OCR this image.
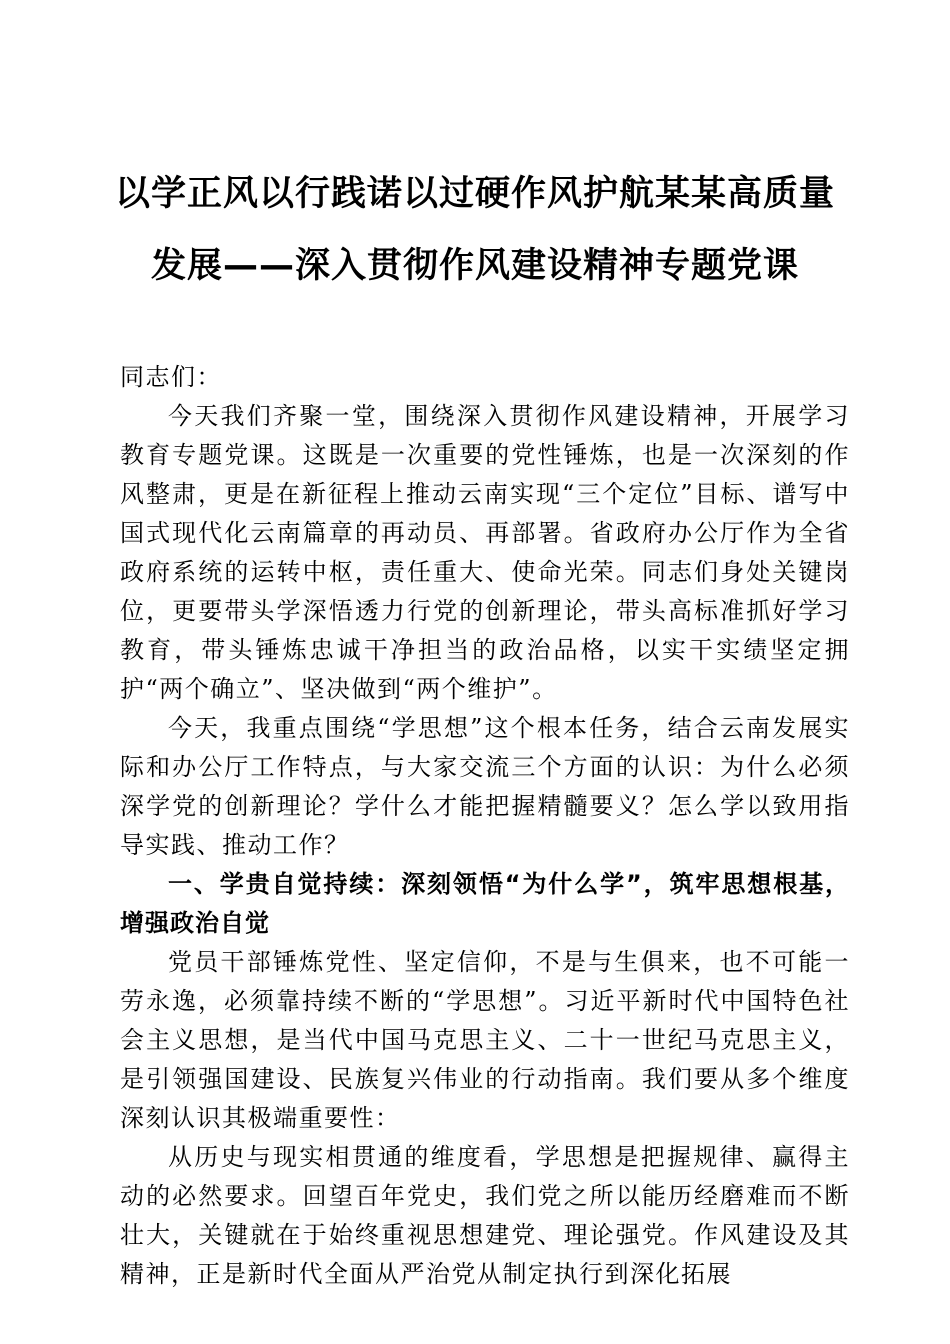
以学正风以行践诺以过硬作风护航某某高质量
发展——深入贯彻作风建设精神专题党课

同志们：

今天我们齐聚一堂，围绕深入贯彻作风建设精神，开展学习教育专题党课。这既是一次重要的党性锤炼，也是一次深刻的作风整肃，更是在新征程上推动云南实现“三个定位”目标、谱写中国式现代化云南篇章的再动员、再部署。省政府办公厅作为全省政府系统的运转中枢，责任重大、使命光荣。同志们身处关键岗位，更要带头学深悟透力行党的创新理论，带头高标准抓好学习教育，带头锤炼忠诚干净担当的政治品格，以实干实绩坚定拥护“两个确立”、坚决做到“两个维护”。

今天，我重点围绕“学思想”这个根本任务，结合云南发展实际和办公厅工作特点，与大家交流三个方面的认识：为什么必须深学党的创新理论？学什么才能把握精髓要义？怎么学以致用指导实践、推动工作？

一、学贵自觉持续：深刻领悟“为什么学”，筑牢思想根基，增强政治自觉

党员干部锤炼党性、坚定信仰，不是与生俱来，也不可能一劳永逸，必须靠持续不断的“学思想”。习近平新时代中国特色社会主义思想，是当代中国马克思主义、二十一世纪马克思主义，是引领强国建设、民族复兴伟业的行动指南。我们要从多个维度深刻认识其极端重要性：

从历史与现实相贯通的维度看，学思想是把握规律、赢得主动的必然要求。回望百年党史，我们党之所以能历经磨难而不断壮大，关键就在于始终重视思想建党、理论强党。作风建设及其精神，正是新时代全面从严治党从制定执行到深化拓展
